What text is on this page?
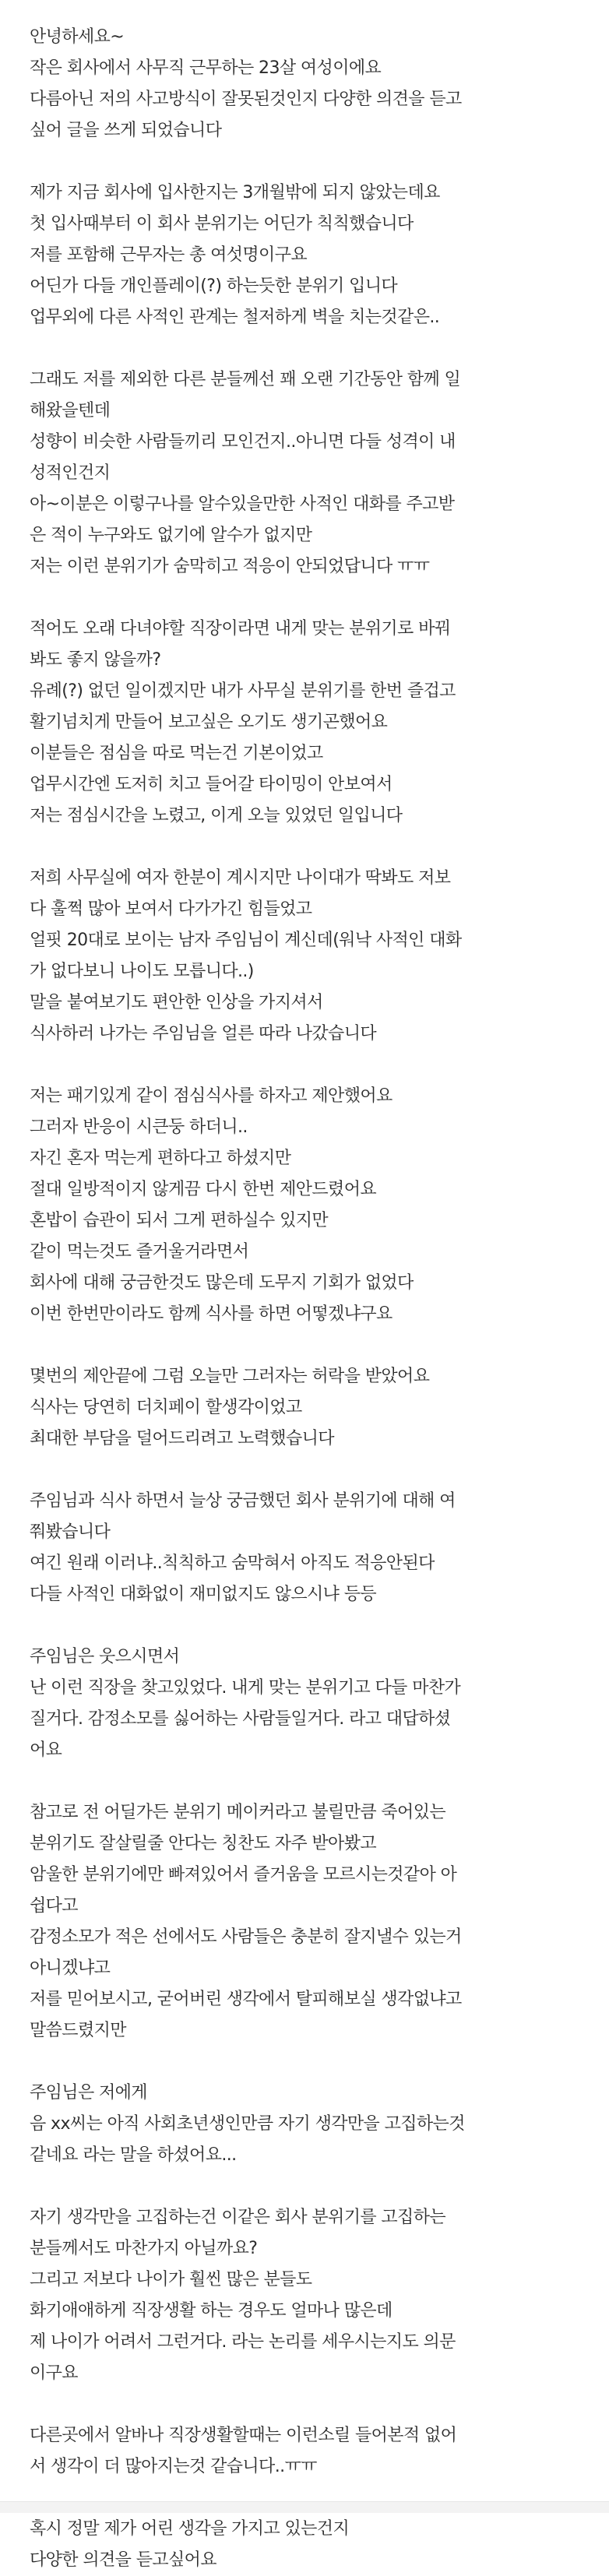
안녕하세요~
작은 회사에서 사무직 근무하는 23살 여성이에요
다름아닌 저의 사고방식이 잘못된것인지 다양한 의견을 듣고
싶어 글을 쓰게 되었습니다
제가 지금 회사에 입사한지는 3개월밖에 되지 않았는데요
첫 입사때부터 이 회사 분위기는 어딘가 칙칙했습니다
저를 포함해 근무자는 총 여섯명이구요
어딘가 다들 개인플레이(?) 하는듯한 분위기 입니다
업무외에 다른 사적인 관계는 철저하게 벽을 치는것같은..
그래도 저를 제외한 다른 분들께선 꽤 오랜 기간동안 함께 일
해왔을텐데
성향이 비슷한 사람들끼리 모인건지..아니면 다들 성격이 내
성적인건지
아~이분은 이렇구나를 알수있을만한 사적인 대화를 주고받
은 적이 누구와도 없기에 알수가 없지만
저는 이런 분위기가 숨막히고 적응이 안되었답니다 ㅠㅠ
적어도 오래 다녀야할 직장이라면 내게 맞는 분위기로 바꿔
봐도 좋지 않을까?
유례(?) 없던 일이겠지만 내가 사무실 분위기를 한번 즐겁고
활기넘치게 만들어 보고싶은 오기도 생기곤했어요
이분들은 점심을 따로 먹는건 기본이었고
업무시간엔 도저히 치고 들어갈 타이밍이 안보여서
저는 점심시간을 노렸고, 이게 오늘 있었던 일입니다
저희 사무실에 여자 한분이 계시지만 나이대가 딱봐도 저보
다 훌쩍 많아 보여서 다가가긴 힘들었고
얼핏 20대로 보이는 남자 주임님이 계신데(워낙 사적인 대화
가 없다보니 나이도 모릅니다..)
말을 붙여보기도 편안한 인상을 가지셔서
식사하러 나가는 주임님을 얼른 따라 나갔습니다
저는 패기있게 같이 점심식사를 하자고 제안했어요
그러자 반응이 시큰둥 하더니..
자긴 혼자 먹는게 편하다고 하셨지만
절대 일방적이지 않게끔 다시 한번 제안드렸어요
혼밥이 습관이 되서 그게 편하실수 있지만
같이 먹는것도 즐거울거라면서
회사에 대해 궁금한것도 많은데 도무지 기회가 없었다
이번 한번만이라도 함께 식사를 하면 어떻겠냐구요
몇번의 제안끝에 그럼 오늘만 그러자는 허락을 받았어요
식사는 당연히 더치페이 할생각이었고
최대한 부담을 덜어드리려고 노력했습니다
주임님과 식사 하면서 늘상 궁금했던 회사 분위기에 대해 여
쭤봤습니다
여긴 원래 이러냐..칙칙하고 숨막혀서 아직도 적응안된다
다들 사적인 대화없이 재미없지도 않으시냐 등등
주임님은 웃으시면서
난 이런 직장을 찾고있었다. 내게 맞는 분위기고 다들 마찬가
질거다. 감정소모를 싫어하는 사람들일거다. 라고 대답하셨
어요
참고로 전 어딜가든 분위기 메이커라고 불릴만큼 죽어있는
분위기도 잘살릴줄 안다는 칭찬도 자주 받아봤고
암울한 분위기에만 빠져있어서 즐거움을 모르시는것같아 아
쉽다고
감정소모가 적은 선에서도 사람들은 충분히 잘지낼수 있는거
아니겠냐고
저를 믿어보시고, 굳어버린 생각에서 탈피해보실 생각없냐고
말씀드렸지만
주임님은 저에게
음 xx씨는 아직 사회초년생인만큼 자기 생각만을 고집하는것
같네요 라는 말을 하셨어요...
자기 생각만을 고집하는건 이같은 회사 분위기를 고집하는
분들께서도 마찬가지 아닐까요?
그리고 저보다 나이가 훨씬 많은 분들도
화기애애하게 직장생활 하는 경우도 얼마나 많은데
제 나이가 어려서 그런거다. 라는 논리를 세우시는지도 의문
이구요
다른곳에서 알바나 직장생활할때는 이런소릴 들어본적 없어
서 생각이 더 많아지는것 같습니다..ㅠㅠ
혹시 정말 제가 어린 생각을 가지고 있는건지
다양한 의견을 듣고싶어요
